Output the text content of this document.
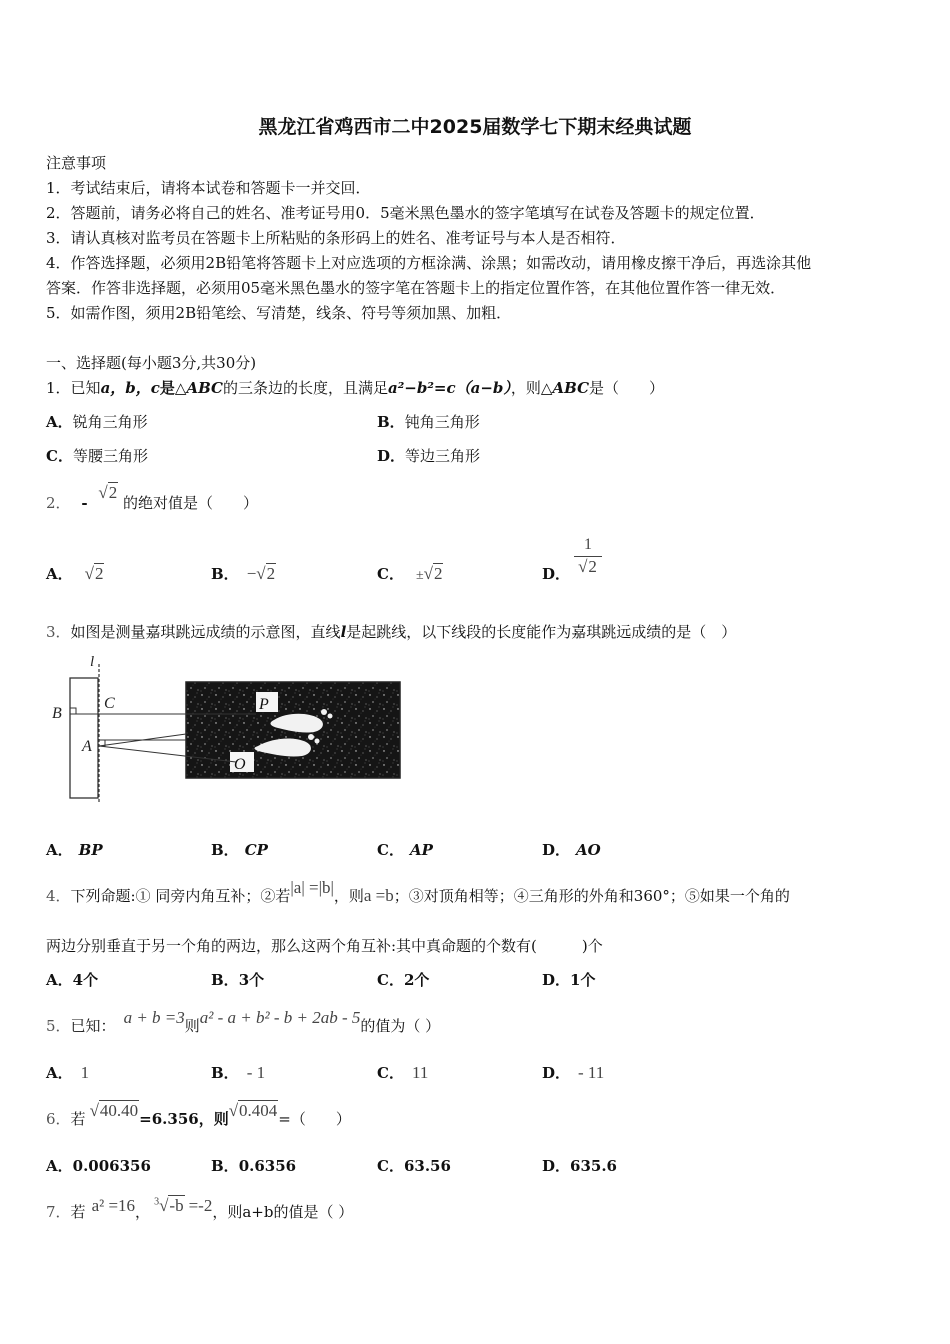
黑龙江省鸡西市二中2025届数学七下期末经典试题
注意事项
1．考试结束后，请将本试卷和答题卡一并交回．
2．答题前，请务必将自己的姓名、准考证号用0．5毫米黑色墨水的签字笔填写在试卷及答题卡的规定位置．
3．请认真核对监考员在答题卡上所粘贴的条形码上的姓名、准考证号与本人是否相符．
4．作答选择题，必须用2B铅笔将答题卡上对应选项的方框涂满、涂黑；如需改动，请用橡皮擦干净后，再选涂其他
答案．作答非选择题，必须用05毫米黑色墨水的签字笔在答题卡上的指定位置作答，在其他位置作答一律无效．
5．如需作图，须用2B铅笔绘、写清楚，线条、符号等须加黑、加粗．
一、选择题(每小题3分,共30分)
1．已知a，b，c是△ABC的三条边的长度，且满足a²−b²=c（a−b），则△ABC是（　　）
A．锐角三角形	B．钝角三角形
C．等腰三角形	D．等边三角形
2． - √2 的绝对值是（　　）
A． √2	B． −√2	C． ±√2	D．
1
√2
3．如图是测量嘉琪跳远成绩的示意图，直线l是起跳线，以下线段的长度能作为嘉琪跳远成绩的是（　）
l
P
O
B
C
A
A． BP	B． CP	C． AP	D． AO
4．下列命题:① 同旁内角互补；②若|a| =|b|，则a =b；③对顶角相等；④三角形的外角和360°；⑤如果一个角的
两边分别垂直于另一个角的两边，那么这两个角互补:其中真命题的个数有(　　　)个
A．4个	B．3个	C．2个	D．1个
5．已知： a + b =3则a² - a + b² - b + 2ab - 5的值为（ ）
A． 1	B． - 1	C． 11	D． - 11
6．若 √40.40=6.356，则√0.404=（　　）
A．0.006356	B．0.6356	C．63.56	D．635.6
7．若 a² =16，$^3$√-b =-2，则a+b的值是（ ）
